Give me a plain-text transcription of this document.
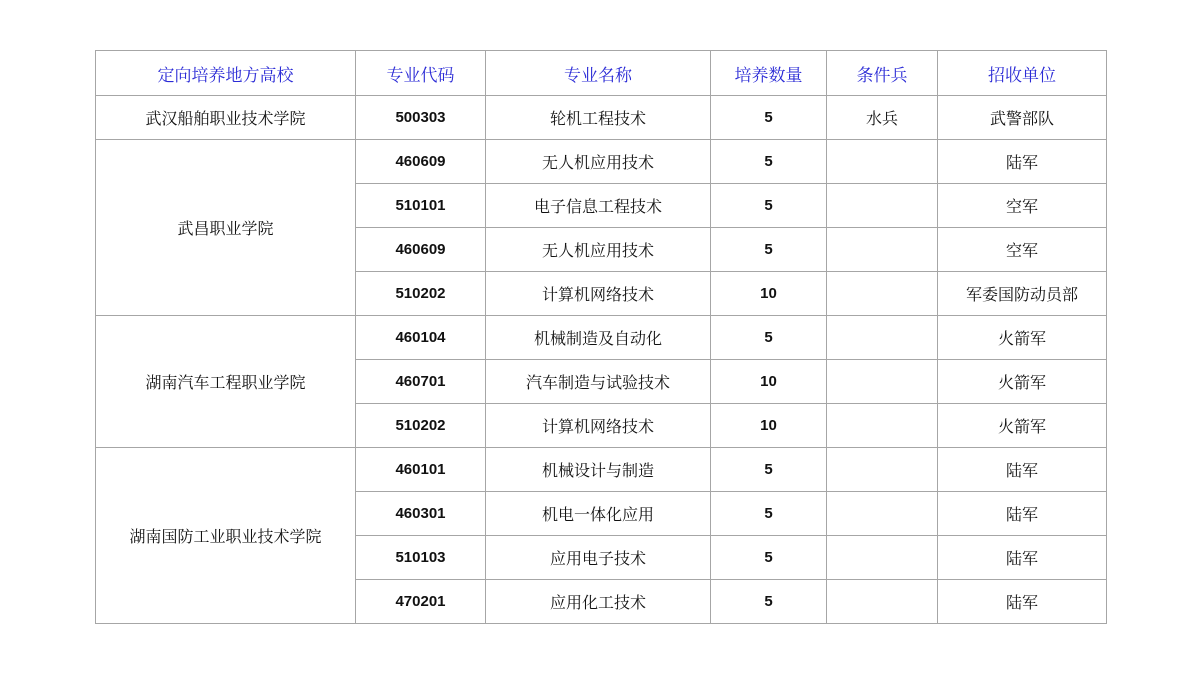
定向培养地方高校	专业代码	专业名称	培养数量	条件兵	招收单位
武汉船舶职业技术学院	500303	轮机工程技术	5	水兵	武警部队
武昌职业学院	460609	无人机应用技术	5		陆军
	510101	电子信息工程技术	5		空军
	460609	无人机应用技术	5		空军
	510202	计算机网络技术	10		军委国防动员部
湖南汽车工程职业学院	460104	机械制造及自动化	5		火箭军
	460701	汽车制造与试验技术	10		火箭军
	510202	计算机网络技术	10		火箭军
湖南国防工业职业技术学院	460101	机械设计与制造	5		陆军
	460301	机电一体化应用	5		陆军
	510103	应用电子技术	5		陆军
	470201	应用化工技术	5		陆军
